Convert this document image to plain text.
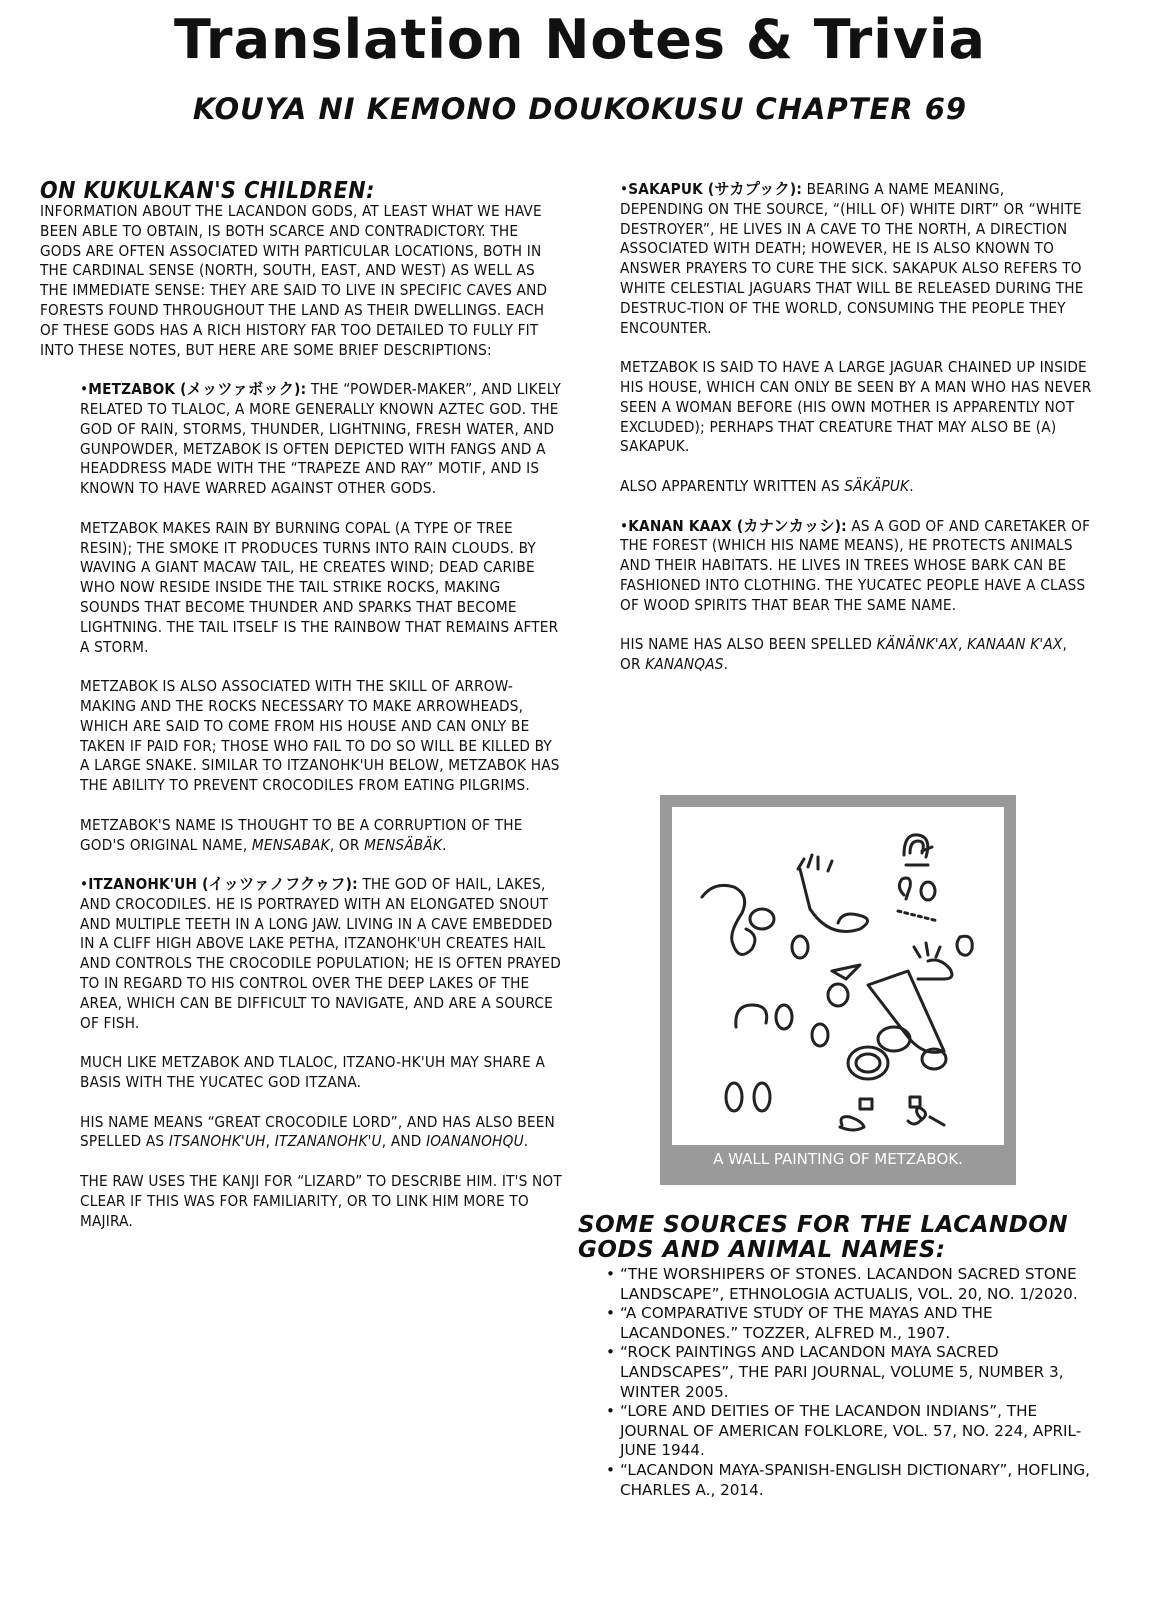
Translation Notes & Trivia
KOUYA NI KEMONO DOUKOKUSU CHAPTER 69
ON KUKULKAN'S CHILDREN:

INFORMATION ABOUT THE LACANDON GODS, AT LEAST WHAT WE HAVE BEEN ABLE TO OBTAIN, IS BOTH SCARCE AND CONTRADICTORY. THE GODS ARE OFTEN ASSOCIATED WITH PARTICULAR LOCATIONS, BOTH IN THE CARDINAL SENSE (NORTH, SOUTH, EAST, AND WEST) AS WELL AS THE IMMEDIATE SENSE: THEY ARE SAID TO LIVE IN SPECIFIC CAVES AND FORESTS FOUND THROUGHOUT THE LAND AS THEIR DWELLINGS. EACH OF THESE GODS HAS A RICH HISTORY FAR TOO DETAILED TO FULLY FIT INTO THESE NOTES, BUT HERE ARE SOME BRIEF DESCRIPTIONS:

•METZABOK (メッツァボック): THE “POWDER-MAKER”, AND LIKELY RELATED TO TLALOC, A MORE GENERALLY KNOWN AZTEC GOD. THE GOD OF RAIN, STORMS, THUNDER, LIGHTNING, FRESH WATER, AND GUNPOWDER, METZABOK IS OFTEN DEPICTED WITH FANGS AND A HEADDRESS MADE WITH THE “TRAPEZE AND RAY” MOTIF, AND IS KNOWN TO HAVE WARRED AGAINST OTHER GODS.

METZABOK MAKES RAIN BY BURNING COPAL (A TYPE OF TREE RESIN); THE SMOKE IT PRODUCES TURNS INTO RAIN CLOUDS. BY WAVING A GIANT MACAW TAIL, HE CREATES WIND; DEAD CARIBE WHO NOW RESIDE INSIDE THE TAIL STRIKE ROCKS, MAKING SOUNDS THAT BECOME THUNDER AND SPARKS THAT BECOME LIGHTNING. THE TAIL ITSELF IS THE RAINBOW THAT REMAINS AFTER A STORM.

METZABOK IS ALSO ASSOCIATED WITH THE SKILL OF ARROW-MAKING AND THE ROCKS NECESSARY TO MAKE ARROWHEADS, WHICH ARE SAID TO COME FROM HIS HOUSE AND CAN ONLY BE TAKEN IF PAID FOR; THOSE WHO FAIL TO DO SO WILL BE KILLED BY A LARGE SNAKE. SIMILAR TO ITZANOHK'UH BELOW, METZABOK HAS THE ABILITY TO PREVENT CROCODILES FROM EATING PILGRIMS.

METZABOK'S NAME IS THOUGHT TO BE A CORRUPTION OF THE GOD'S ORIGINAL NAME, MENSABAK, OR MENSÄBÄK.

•ITZANOHK'UH (イッツァノフクゥフ): THE GOD OF HAIL, LAKES, AND CROCODILES. HE IS PORTRAYED WITH AN ELONGATED SNOUT AND MULTIPLE TEETH IN A LONG JAW. LIVING IN A CAVE EMBEDDED IN A CLIFF HIGH ABOVE LAKE PETHA, ITZANOHK'UH CREATES HAIL AND CONTROLS THE CROCODILE POPULATION; HE IS OFTEN PRAYED TO IN REGARD TO HIS CONTROL OVER THE DEEP LAKES OF THE AREA, WHICH CAN BE DIFFICULT TO NAVIGATE, AND ARE A SOURCE OF FISH.

MUCH LIKE METZABOK AND TLALOC, ITZANO-HK'UH MAY SHARE A BASIS WITH THE YUCATEC GOD ITZANA.

HIS NAME MEANS “GREAT CROCODILE LORD”, AND HAS ALSO BEEN SPELLED AS ITSANOHK'UH, ITZANANOHK'U, AND IOANANOHQU.

THE RAW USES THE KANJI FOR “LIZARD” TO DESCRIBE HIM. IT'S NOT CLEAR IF THIS WAS FOR FAMILIARITY, OR TO LINK HIM MORE TO MAJIRA.

•SAKAPUK (サカプック): BEARING A NAME MEANING, DEPENDING ON THE SOURCE, “(HILL OF) WHITE DIRT” OR “WHITE DESTROYER”, HE LIVES IN A CAVE TO THE NORTH, A DIRECTION ASSOCIATED WITH DEATH; HOWEVER, HE IS ALSO KNOWN TO ANSWER PRAYERS TO CURE THE SICK. SAKAPUK ALSO REFERS TO WHITE CELESTIAL JAGUARS THAT WILL BE RELEASED DURING THE DESTRUC-TION OF THE WORLD, CONSUMING THE PEOPLE THEY ENCOUNTER.

METZABOK IS SAID TO HAVE A LARGE JAGUAR CHAINED UP INSIDE HIS HOUSE, WHICH CAN ONLY BE SEEN BY A MAN WHO HAS NEVER SEEN A WOMAN BEFORE (HIS OWN MOTHER IS APPARENTLY NOT EXCLUDED); PERHAPS THAT CREATURE THAT MAY ALSO BE (A) SAKAPUK.

ALSO APPARENTLY WRITTEN AS SÄKÄPUK.

•KANAN KAAX (カナンカッシ): AS A GOD OF AND CARETAKER OF THE FOREST (WHICH HIS NAME MEANS), HE PROTECTS ANIMALS AND THEIR HABITATS. HE LIVES IN TREES WHOSE BARK CAN BE FASHIONED INTO CLOTHING. THE YUCATEC PEOPLE HAVE A CLASS OF WOOD SPIRITS THAT BEAR THE SAME NAME.

HIS NAME HAS ALSO BEEN SPELLED KÄNÄNK'AX, KANAAN K'AX, OR KANANQAS.

A WALL PAINTING OF METZABOK.
SOME SOURCES FOR THE LACANDON GODS AND ANIMAL NAMES:
• “THE WORSHIPERS OF STONES. LACANDON SACRED STONE LANDSCAPE”, ETHNOLOGIA ACTUALIS, VOL. 20, NO. 1/2020.
• “A COMPARATIVE STUDY OF THE MAYAS AND THE LACANDONES.” TOZZER, ALFRED M., 1907.
• “ROCK PAINTINGS AND LACANDON MAYA SACRED LANDSCAPES”, THE PARI JOURNAL, VOLUME 5, NUMBER 3, WINTER 2005.
• “LORE AND DEITIES OF THE LACANDON INDIANS”, THE JOURNAL OF AMERICAN FOLKLORE, VOL. 57, NO. 224, APRIL-JUNE 1944.
• “LACANDON MAYA-SPANISH-ENGLISH DICTIONARY”, HOFLING, CHARLES A., 2014.
